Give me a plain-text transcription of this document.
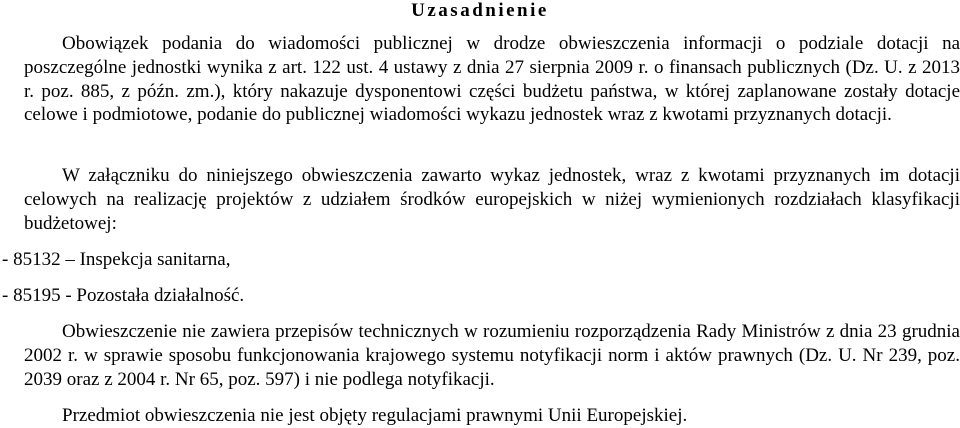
Uzasadnienie

Obowiązek podania do wiadomości publicznej w drodze obwieszczenia informacji o podziale dotacji na poszczególne jednostki wynika z art. 122 ust. 4 ustawy z dnia 27 sierpnia 2009 r. o finansach publicznych (Dz. U. z 2013 r. poz. 885, z późn. zm.), który nakazuje dysponentowi części budżetu państwa, w której zaplanowane zostały dotacje celowe i podmiotowe, podanie do publicznej wiadomości wykazu jednostek wraz z kwotami przyznanych dotacji.

W załączniku do niniejszego obwieszczenia zawarto wykaz jednostek, wraz z kwotami przyznanych im dotacji celowych na realizację projektów z udziałem środków europejskich w niżej wymienionych rozdziałach klasyfikacji budżetowej:

- 85132 – Inspekcja sanitarna,

- 85195 - Pozostała działalność.

Obwieszczenie nie zawiera przepisów technicznych w rozumieniu rozporządzenia Rady Ministrów z dnia 23 grudnia 2002 r. w sprawie sposobu funkcjonowania krajowego systemu notyfikacji norm i aktów prawnych (Dz. U. Nr 239, poz. 2039 oraz z 2004 r. Nr 65, poz. 597) i nie podlega notyfikacji.

Przedmiot obwieszczenia nie jest objęty regulacjami prawnymi Unii Europejskiej.
